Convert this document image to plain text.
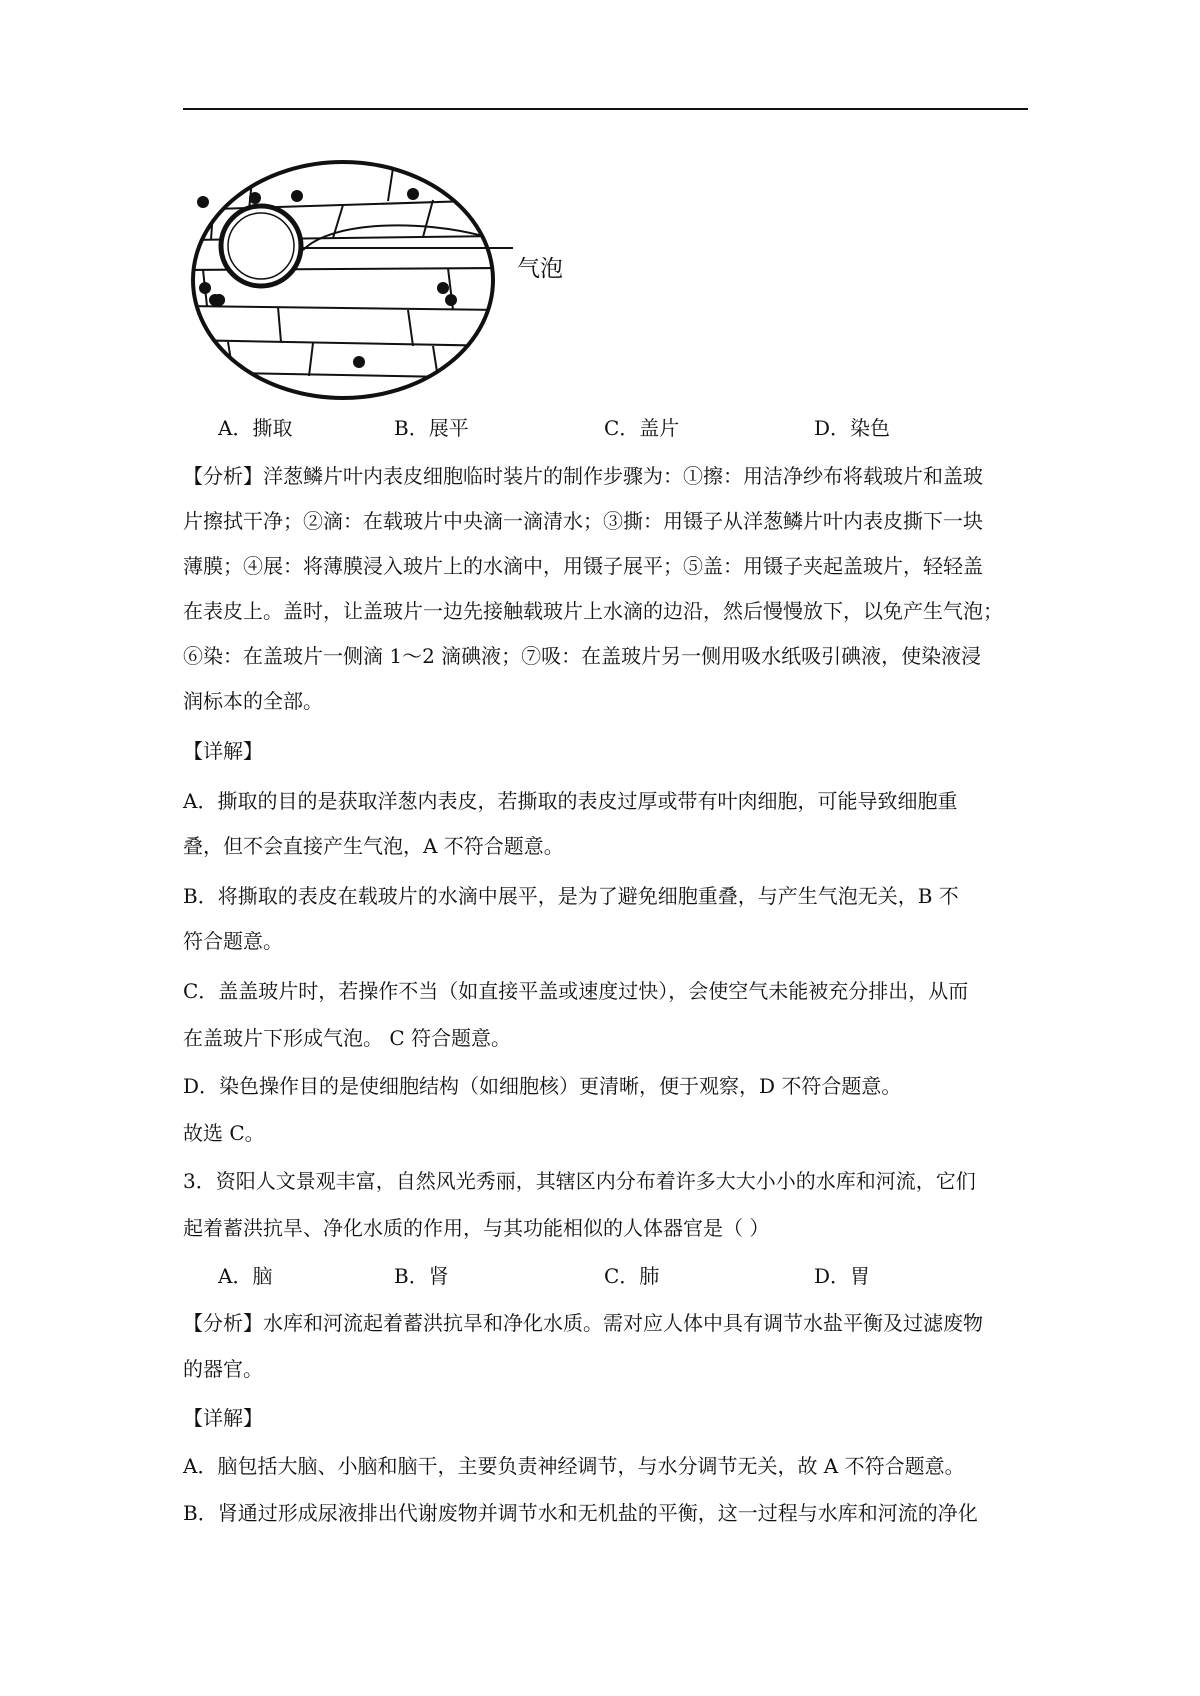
气泡
A．撕取	B．展平	C．盖片	D．染色
【分析】洋葱鳞片叶内表皮细胞临时装片的制作步骤为：①擦：用洁净纱布将载玻片和盖玻
片擦拭干净；②滴：在载玻片中央滴一滴清水；③撕：用镊子从洋葱鳞片叶内表皮撕下一块
薄膜；④展：将薄膜浸入玻片上的水滴中，用镊子展平；⑤盖：用镊子夹起盖玻片，轻轻盖
在表皮上。盖时，让盖玻片一边先接触载玻片上水滴的边沿，然后慢慢放下，以免产生气泡；
⑥染：在盖玻片一侧滴 1～2 滴碘液；⑦吸：在盖玻片另一侧用吸水纸吸引碘液，使染液浸
润标本的全部。
【详解】
A．撕取的目的是获取洋葱内表皮，若撕取的表皮过厚或带有叶肉细胞，可能导致细胞重
叠，但不会直接产生气泡，A 不符合题意。
B．将撕取的表皮在载玻片的水滴中展平，是为了避免细胞重叠，与产生气泡无关，B 不
符合题意。
C．盖盖玻片时，若操作不当（如直接平盖或速度过快），会使空气未能被充分排出，从而
在盖玻片下形成气泡。 C 符合题意。
D．染色操作目的是使细胞结构（如细胞核）更清晰，便于观察，D 不符合题意。
故选 C。
3．资阳人文景观丰富，自然风光秀丽，其辖区内分布着许多大大小小的水库和河流，它们
起着蓄洪抗旱、净化水质的作用，与其功能相似的人体器官是（ ）
A．脑	B．肾	C．肺	D．胃
【分析】水库和河流起着蓄洪抗旱和净化水质。需对应人体中具有调节水盐平衡及过滤废物
的器官。
【详解】
A．脑包括大脑、小脑和脑干，主要负责神经调节，与水分调节无关，故 A 不符合题意。
B．肾通过形成尿液排出代谢废物并调节水和无机盐的平衡，这一过程与水库和河流的净化
